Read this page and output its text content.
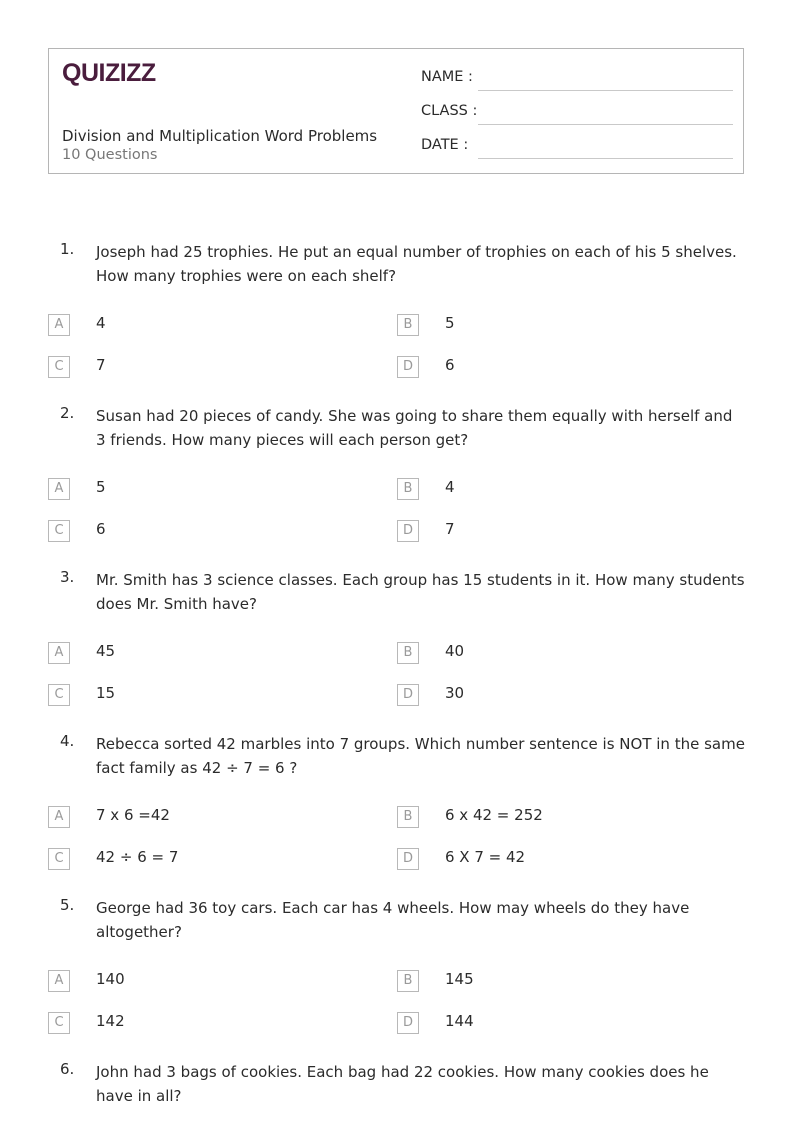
QUIZIZZ
Division and Multiplication Word Problems
10 Questions
NAME :
CLASS :
DATE :
1. Joseph had 25 trophies. He put an equal number of trophies on each of his 5 shelves. How many trophies were on each shelf?
A	4	B	5
C	7	D	6
2. Susan had 20 pieces of candy. She was going to share them equally with herself and 3 friends. How many pieces will each person get?
A	5	B	4
C	6	D	7
3. Mr. Smith has 3 science classes. Each group has 15 students in it. How many students does Mr. Smith have?
A	45	B	40
C	15	D	30
4. Rebecca sorted 42 marbles into 7 groups. Which number sentence is NOT in the same fact family as 42 ÷ 7 = 6 ?
A	7 x 6 =42	B	6 x 42 = 252
C	42 ÷ 6 = 7	D	6 X 7 = 42
5. George had 36 toy cars. Each car has 4 wheels. How may wheels do they have altogether?
A	140	B	145
C	142	D	144
6. John had 3 bags of cookies. Each bag had 22 cookies. How many cookies does he have in all?
